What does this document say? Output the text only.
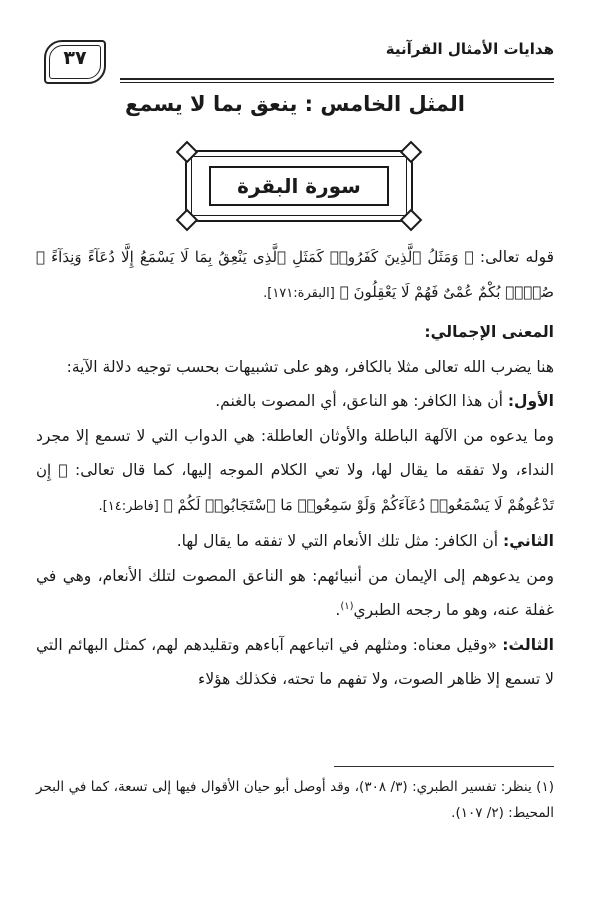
هدايات الأمثال القرآنية
٣٧
المثل الخامس : ينعق بما لا يسمع
سورة البقرة

قوله تعالى: ﴿ وَمَثَلُ ٱلَّذِينَ كَفَرُوا۟ كَمَثَلِ ٱلَّذِى يَنْعِقُ بِمَا لَا يَسْمَعُ إِلَّا دُعَآءً وَنِدَآءً ۚ صُمٌّۢ بُكْمٌ عُمْىٌ فَهُمْ لَا يَعْقِلُونَ ﴾ [البقرة:١٧١].

المعنى الإجمالي:

هنا يضرب الله تعالى مثلا بالكافر، وهو على تشبيهات بحسب توجيه دلالة الآية:

الأول: أن هذا الكافر: هو الناعق، أي المصوت بالغنم.

وما يدعوه من الآلهة الباطلة والأوثان العاطلة: هي الدواب التي لا تسمع إلا مجرد النداء، ولا تفقه ما يقال لها، ولا تعي الكلام الموجه إليها، كما قال تعالى: ﴿ إِن تَدْعُوهُمْ لَا يَسْمَعُوا۟ دُعَآءَكُمْ وَلَوْ سَمِعُوا۟ مَا ٱسْتَجَابُوا۟ لَكُمْ ﴾ [فاطر:١٤].

الثاني: أن الكافر: مثل تلك الأنعام التي لا تفقه ما يقال لها.

ومن يدعوهم إلى الإيمان من أنبيائهم: هو الناعق المصوت لتلك الأنعام، وهي في غفلة عنه، وهو ما رجحه الطبري$^{(١)}$.

الثالث: «وقيل معناه: ومثلهم في اتباعهم آباءهم وتقليدهم لهم، كمثل البهائم التي لا تسمع إلا ظاهر الصوت، ولا تفهم ما تحته، فكذلك هؤلاء

(١) ينظر: تفسير الطبري: (٣/ ٣٠٨)، وقد أوصل أبو حيان الأقوال فيها إلى تسعة، كما في البحر المحيط: (٢/ ١٠٧).
